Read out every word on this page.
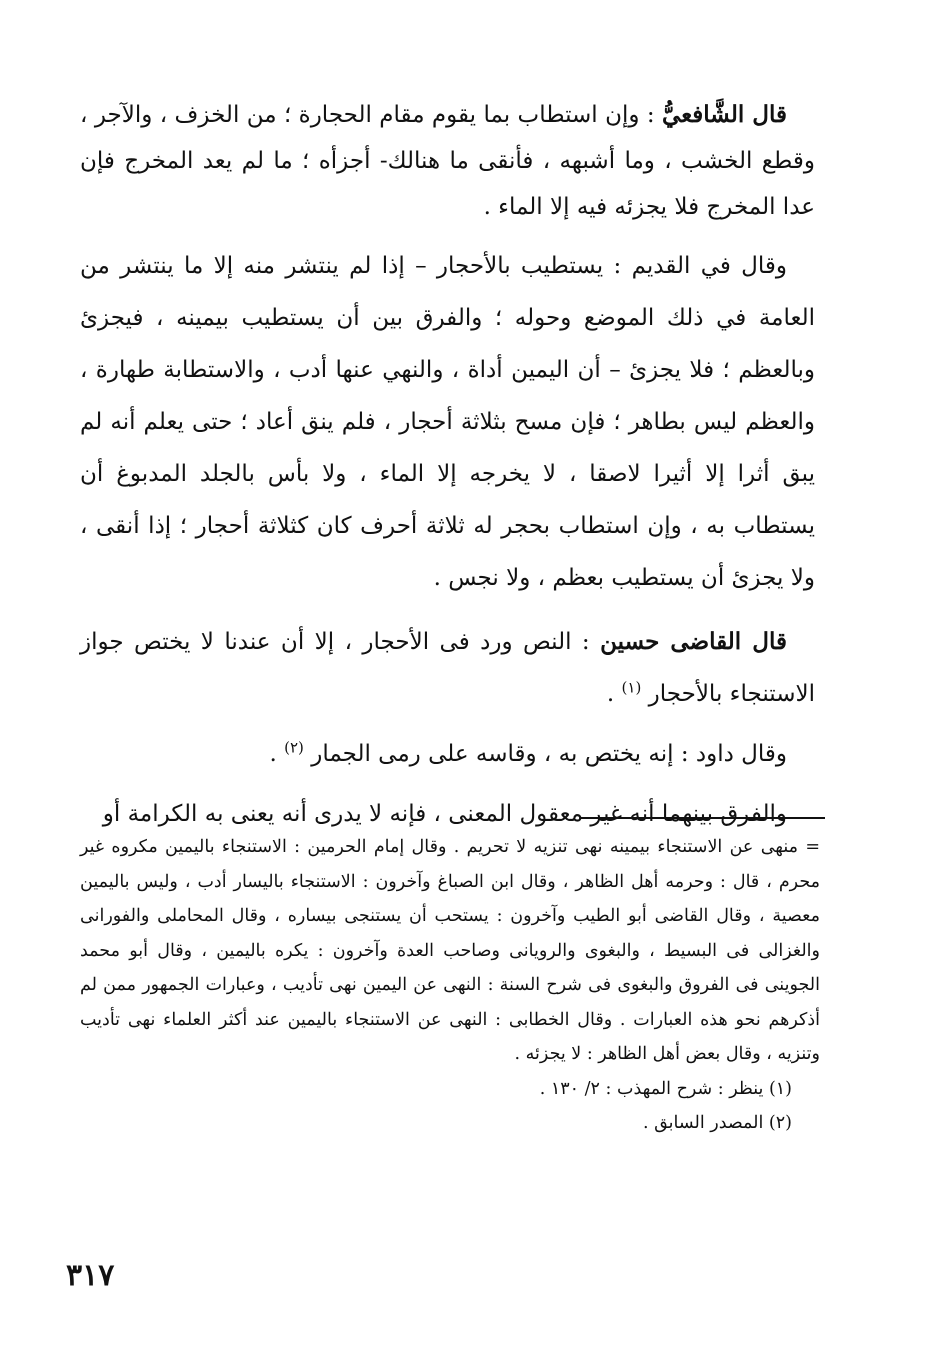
قال الشَّافعيُّ : وإن استطاب بما يقوم مقام الحجارة ؛ من الخزف ، والآجر ، وقطع الخشب ، وما أشبهه ، فأنقى ما هنالك- أجزأه ؛ ما لم يعد المخرج فإن عدا المخرج فلا يجزئه فيه إلا الماء .

وقال في القديم : يستطيب بالأحجار – إذا لم ينتشر منه إلا ما ينتشر من العامة في ذلك الموضع وحوله ؛ والفرق بين أن يستطيب بيمينه ، فيجزئ وبالعظم ؛ فلا يجزئ – أن اليمين أداة ، والنهي عنها أدب ، والاستطابة طهارة ، والعظم ليس بطاهر ؛ فإن مسح بثلاثة أحجار ، فلم ينق أعاد ؛ حتى يعلم أنه لم يبق أثرا إلا أثيرا لاصقا ، لا يخرجه إلا الماء ، ولا بأس بالجلد المدبوغ أن يستطاب به ، وإن استطاب بحجر له ثلاثة أحرف كان كثلاثة أحجار ؛ إذا أنقى ، ولا يجزئ أن يستطيب بعظم ، ولا نجس .

قال القاضى حسين : النص ورد فى الأحجار ، إلا أن عندنا لا يختص جواز الاستنجاء بالأحجار $^{(١)}$ .

وقال داود : إنه يختص به ، وقاسه على رمى الجمار $^{(٢)}$ .

والفرق بينهما أنه غير معقول المعنى ، فإنه لا يدرى أنه يعنى به الكرامة أو

= منهى عن الاستنجاء بيمينه نهى تنزيه لا تحريم . وقال إمام الحرمين : الاستنجاء باليمين مكروه غير محرم ، قال : وحرمه أهل الظاهر ، وقال ابن الصباغ وآخرون : الاستنجاء باليسار أدب ، وليس باليمين معصية ، وقال القاضى أبو الطيب وآخرون : يستحب أن يستنجى بيساره ، وقال المحاملى والفورانى والغزالى فى البسيط ، والبغوى والرويانى وصاحب العدة وآخرون : يكره باليمين ، وقال أبو محمد الجوينى فى الفروق والبغوى فى شرح السنة : النهى عن اليمين نهى تأديب ، وعبارات الجمهور ممن لم أذكرهم نحو هذه العبارات . وقال الخطابى : النهى عن الاستنجاء باليمين عند أكثر العلماء نهى تأديب وتنزيه ، وقال بعض أهل الظاهر : لا يجزئه .

(١) ينظر : شرح المهذب : ٢/ ١٣٠ .

(٢) المصدر السابق .

٣١٧
